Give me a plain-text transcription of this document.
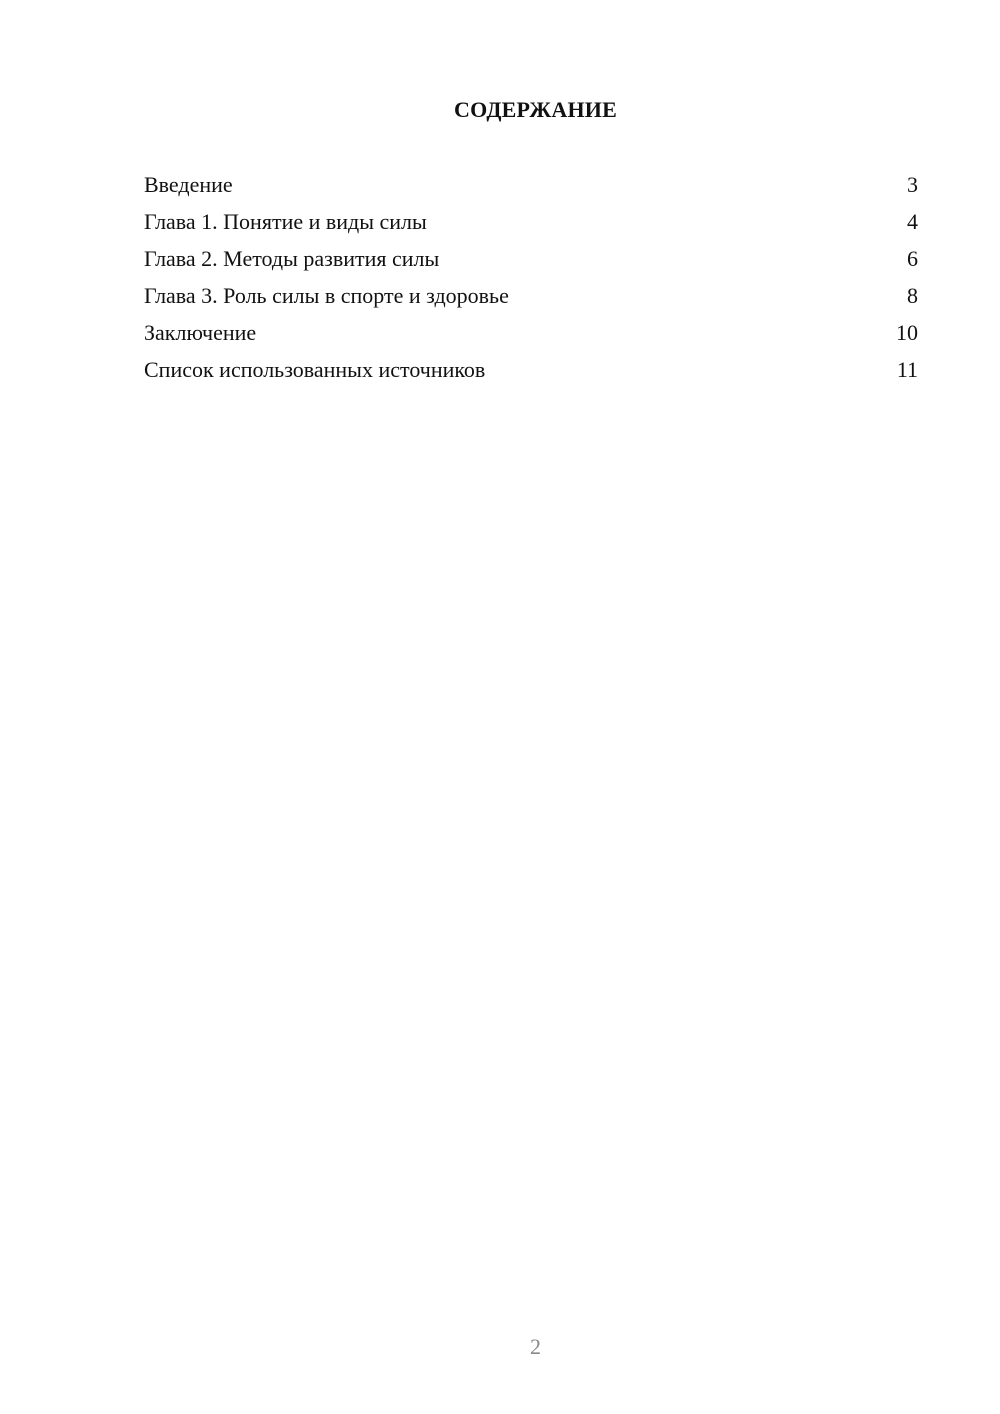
СОДЕРЖАНИЕ
Введение	3
Глава 1. Понятие и виды силы	4
Глава 2. Методы развития силы	6
Глава 3. Роль силы в спорте и здоровье	8
Заключение	10
Список использованных источников	11
2
